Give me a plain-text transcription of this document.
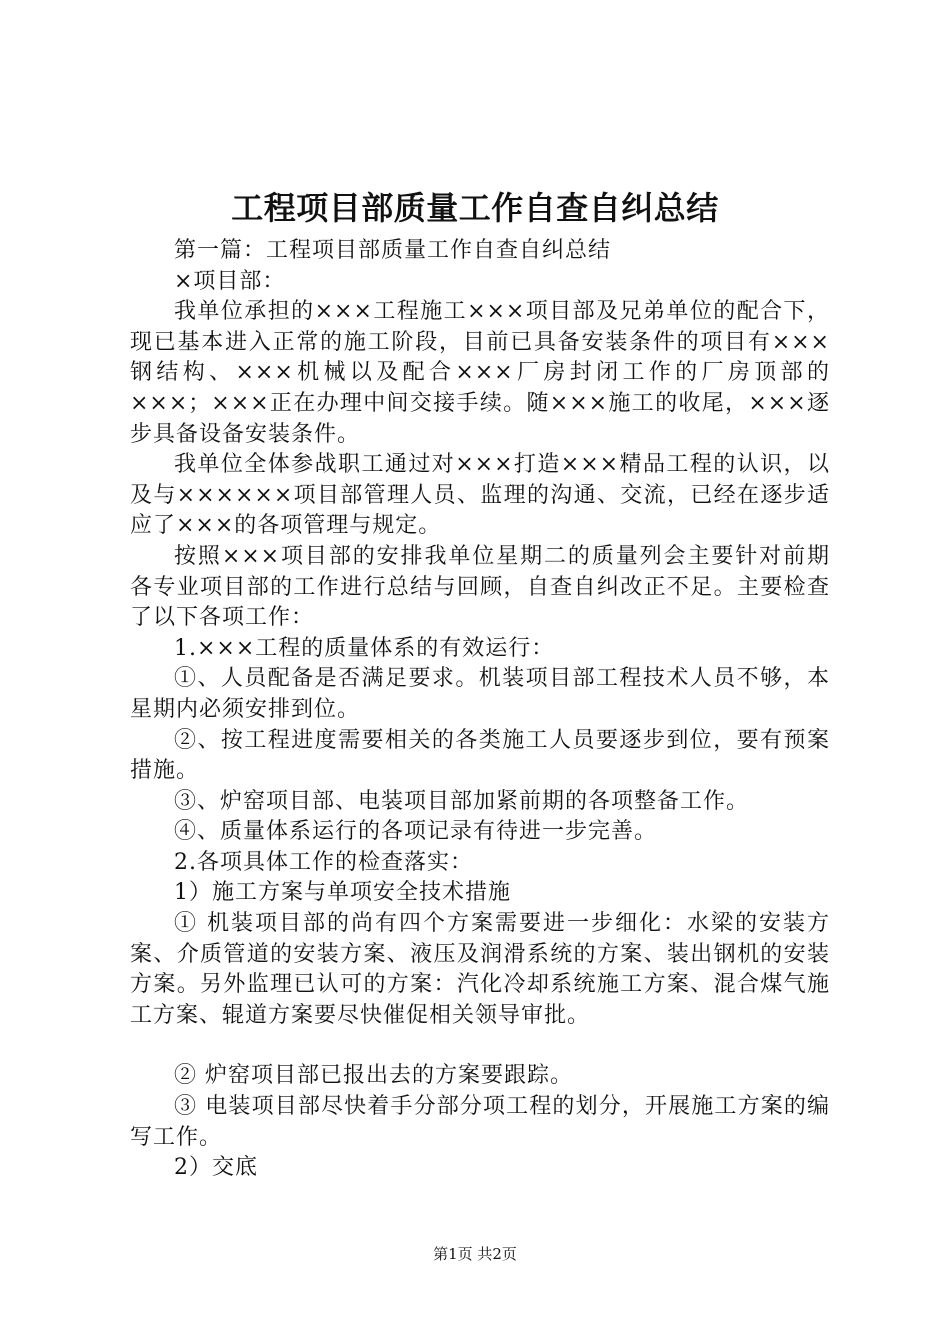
工程项目部质量工作自查自纠总结

第一篇：工程项目部质量工作自查自纠总结

×项目部：

我单位承担的×××工程施工×××项目部及兄弟单位的配合下，现已基本进入正常的施工阶段，目前已具备安装条件的项目有×××钢结构、×××机械以及配合×××厂房封闭工作的厂房顶部的×××；×××正在办理中间交接手续。随×××施工的收尾，×××逐步具备设备安装条件。

我单位全体参战职工通过对×××打造×××精品工程的认识，以及与××××××项目部管理人员、监理的沟通、交流，已经在逐步适应了×××的各项管理与规定。

按照×××项目部的安排我单位星期二的质量列会主要针对前期各专业项目部的工作进行总结与回顾，自查自纠改正不足。主要检查了以下各项工作：

1.×××工程的质量体系的有效运行：

①、人员配备是否满足要求。机装项目部工程技术人员不够，本星期内必须安排到位。

②、按工程进度需要相关的各类施工人员要逐步到位，要有预案措施。

③、炉窑项目部、电装项目部加紧前期的各项整备工作。

④、质量体系运行的各项记录有待进一步完善。

2.各项具体工作的检查落实：

1）施工方案与单项安全技术措施

① 机装项目部的尚有四个方案需要进一步细化：水梁的安装方案、介质管道的安装方案、液压及润滑系统的方案、装出钢机的安装方案。另外监理已认可的方案：汽化冷却系统施工方案、混合煤气施工方案、辊道方案要尽快催促相关领导审批。

② 炉窑项目部已报出去的方案要跟踪。

③ 电装项目部尽快着手分部分项工程的划分，开展施工方案的编写工作。

2）交底

第1页 共2页
